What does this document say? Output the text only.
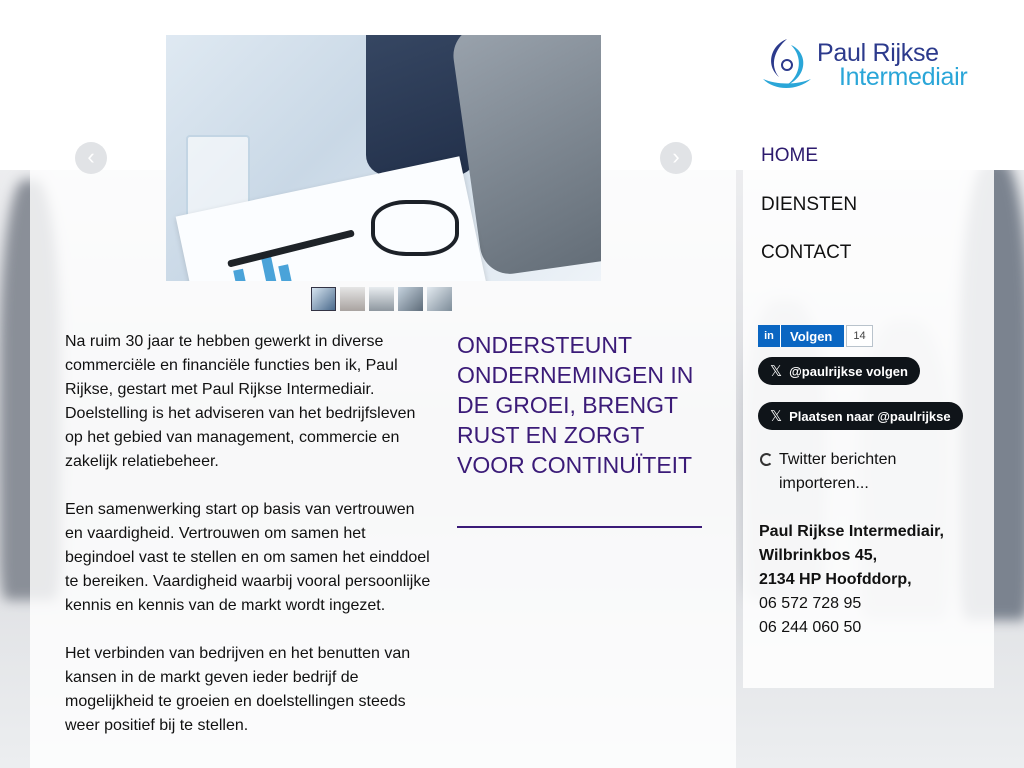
‹	›

Na ruim 30 jaar te hebben gewerkt in diverse commerciële en financiële functies ben ik, Paul Rijkse, gestart met Paul Rijkse Intermediair. Doelstelling is het adviseren van het bedrijfsleven op het gebied van management, commercie en zakelijk relatiebeheer.

Een samenwerking start op basis van vertrouwen en vaardigheid. Vertrouwen om samen het begindoel vast te stellen en om samen het einddoel te bereiken. Vaardigheid waarbij vooral persoonlijke kennis en kennis van de markt wordt ingezet.

Het verbinden van bedrijven en het benutten van kansen in de markt geven ieder bedrijf de mogelijkheid te groeien en doelstellingen steeds weer positief bij te stellen.

ONDERSTEUNT ONDERNEMINGEN IN DE GROEI, BRENGT RUST EN ZORGT VOOR CONTINUÏTEIT
Paul Rijkse
Intermediair
HOME
DIENSTEN
CONTACT
in	Volgen	14
𝕏 @paulrijkse volgen
𝕏 Plaatsen naar @paulrijkse
Twitter berichten importeren...
Paul Rijkse Intermediair,
Wilbrinkbos 45,
2134 HP Hoofddorp,
06 572 728 95
06 244 060 50
